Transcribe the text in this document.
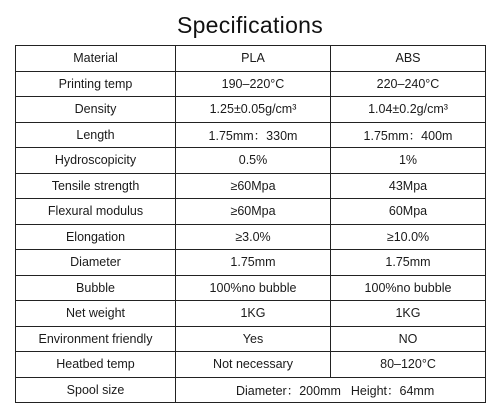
Specifications
Material	PLA	ABS
Printing temp	190–220°C	220–240°C
Density	1.25±0.05g/cm³	1.04±0.2g/cm³
Length	1.75mm：330m	1.75mm：400m
Hydroscopicity	0.5%	1%
Tensile strength	≥60Mpa	43Mpa
Flexural modulus	≥60Mpa	60Mpa
Elongation	≥3.0%	≥10.0%
Diameter	1.75mm	1.75mm
Bubble	100%no bubble	100%no bubble
Net weight	1KG	1KG
Environment friendly	Yes	NO
Heatbed temp	Not necessary	80–120°C
Spool size	Diameter：200mm Height：64mm	
